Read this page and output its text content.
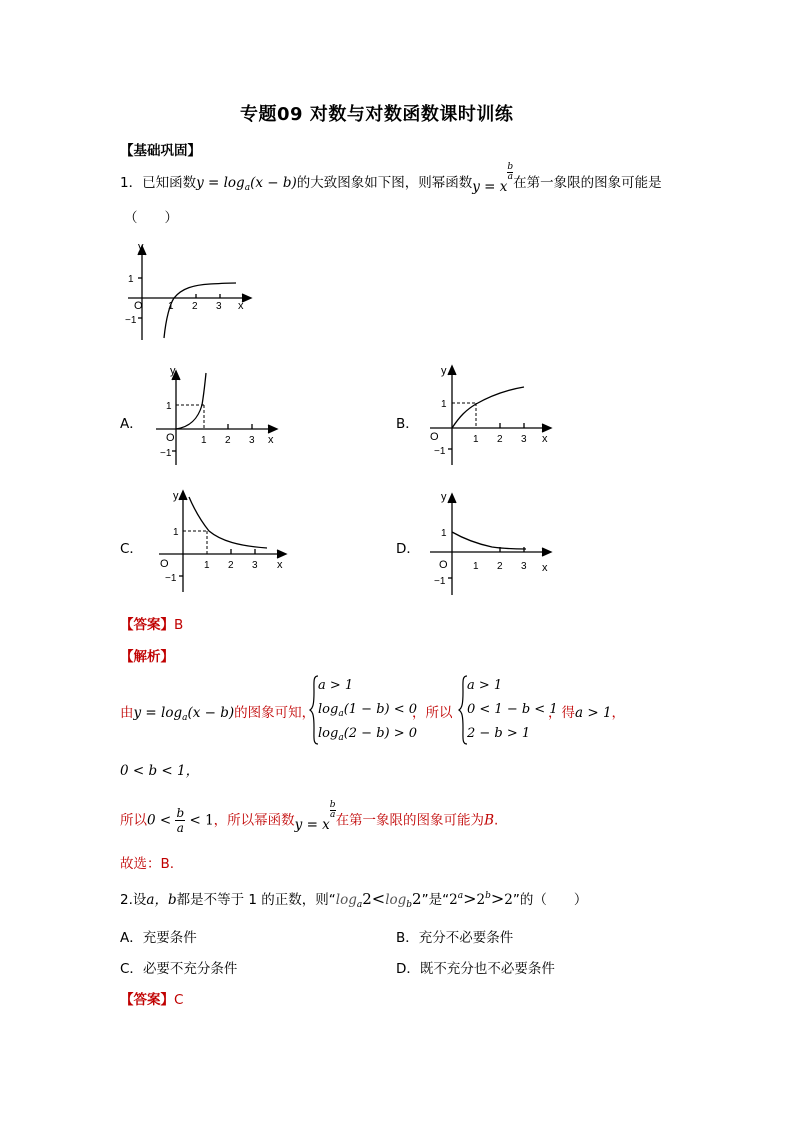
专题09 对数与对数函数课时训练
【基础巩固】
1．已知函数$y = \log_a(x - b)$的大致图象如下图，则幂函数y = x
$\frac{b}{a}$
在第一象限的图象可能是
（　　）
y
x
O
1
−1
1 2 3
A．
y
x
O
1
−1
1 2 3
B．
y
x
O
1
−1
1 2 3
C．
y
x
O
1
−1
1 2 3
D．
y
x
O
1
−1
1 2 3
【答案】B
【解析】
由$y = \log_a(x - b)$的图象可知，
a > 1
$\log_a(1 - b) < 0$
$\log_a(2 - b) > 0$
，所以
a > 1
0 < 1 − b < 1
2 − b > 1
，得a > 1，
0 < b < 1，
所以$0 < \frac{b}{a} < 1$，所以幂函数y = x
$\frac{b}{a}$
在第一象限的图象可能为B.
故选：B.
2.设a，b都是不等于 1 的正数，则“$\log_a2<\log_b2$”是“$2^a>2^b>2$”的（　　）
A．充要条件	B．充分不必要条件
C．必要不充分条件	D．既不充分也不必要条件
【答案】C
